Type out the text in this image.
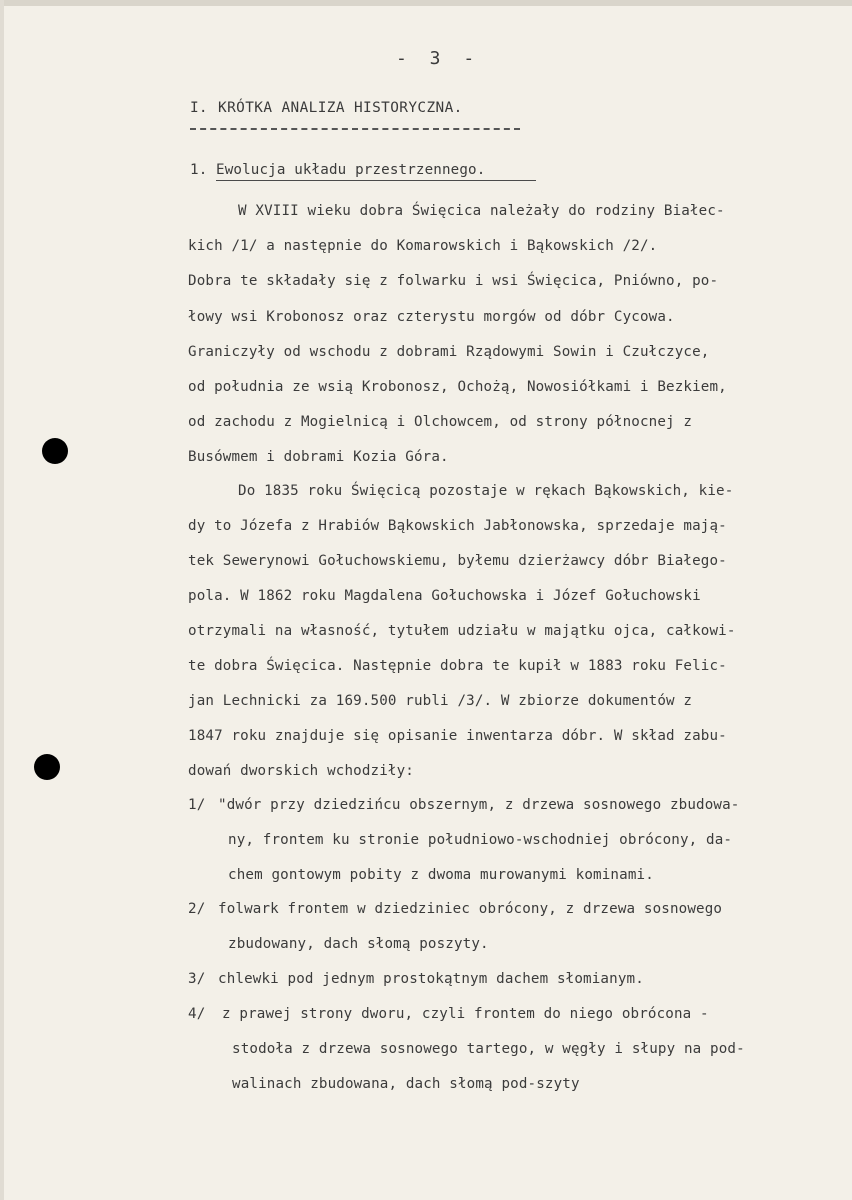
- 3 -
I. KRÓTKA ANALIZA HISTORYCZNA.
1. Ewolucja układu przestrzennego.
W XVIII wieku dobra Święcica należały do rodziny Białec-
kich /1/ a następnie do Komarowskich i Bąkowskich /2/.
Dobra te składały się z folwarku i wsi Święcica, Pniówno, po-
łowy wsi Krobonosz oraz czterystu morgów od dóbr Cycowa.
Graniczyły od wschodu z dobrami Rządowymi Sowin i Czułczyce,
od południa ze wsią Krobonosz, Ochożą, Nowosiółkami i Bezkiem,
od zachodu z Mogielnicą i Olchowcem, od strony północnej z
Busówmem i dobrami Kozia Góra.
Do 1835 roku Święcicą pozostaje w rękach Bąkowskich, kie-
dy to Józefa z Hrabiów Bąkowskich Jabłonowska, sprzedaje mają-
tek Sewerynowi Gołuchowskiemu, byłemu dzierżawcy dóbr Białego-
pola. W 1862 roku Magdalena Gołuchowska i Józef Gołuchowski
otrzymali na własność, tytułem udziału w majątku ojca, całkowi-
te dobra Święcica. Następnie dobra te kupił w 1883 roku Felic-
jan Lechnicki za 169.500 rubli /3/. W zbiorze dokumentów z
1847 roku znajduje się opisanie inwentarza dóbr. W skład zabu-
dowań dworskich wchodziły:
1/ "dwór przy dziedzińcu obszernym, z drzewa sosnowego zbudowa-
ny, frontem ku stronie południowo-wschodniej obrócony, da-
chem gontowym pobity z dwoma murowanymi kominami.
2/ folwark frontem w dziedziniec obrócony, z drzewa sosnowego
zbudowany, dach słomą poszyty.
3/ chlewki pod jednym prostokątnym dachem słomianym.
4/ z prawej strony dworu, czyli frontem do niego obrócona -
stodoła z drzewa sosnowego tartego, w węgły i słupy na pod-
walinach zbudowana, dach słomą pod-szyty
